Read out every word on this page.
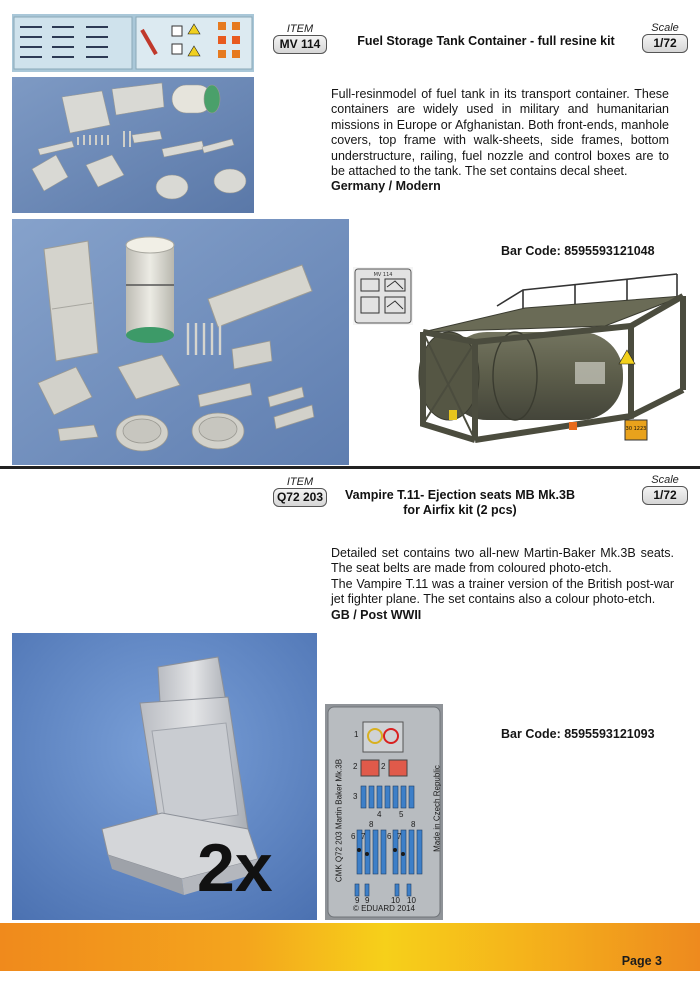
ITEM
MV 114	Fuel Storage Tank Container - full resine kit
Scale
1/72

Full-resinmodel of fuel tank in its transport container. These containers are widely used in military and humanitarian missions in Europe or Afghanistan. Both front-ends, manhole covers, top frame with walk-sheets, side frames, bottom understructure, railing, fuel nozzle and control boxes are to be attached to the tank. The set contains decal sheet.

Germany / Modern

Bar Code: 8595593121048
MV 114
30 1223
ITEM
Q72 203	Vampire T.11- Ejection seats MB Mk.3B
for Airfix kit (2 pcs)
Scale
1/72

Detailed set contains two all-new Martin-Baker Mk.3B seats. The seat belts are made from coloured photo-etch.

The Vampire T.11 was a trainer version of the British post-war jet fighter plane. The set contains also a colour photo-etch.

GB / Post WWII

2x
1
2	2
3
4 5
8	8
6 7	6 7
9 9	10 10
CMK Q72 203 Martin Baker Mk.3B	Made in Czech Republic
© EDUARD 2014
Bar Code: 8595593121093
Page 3
